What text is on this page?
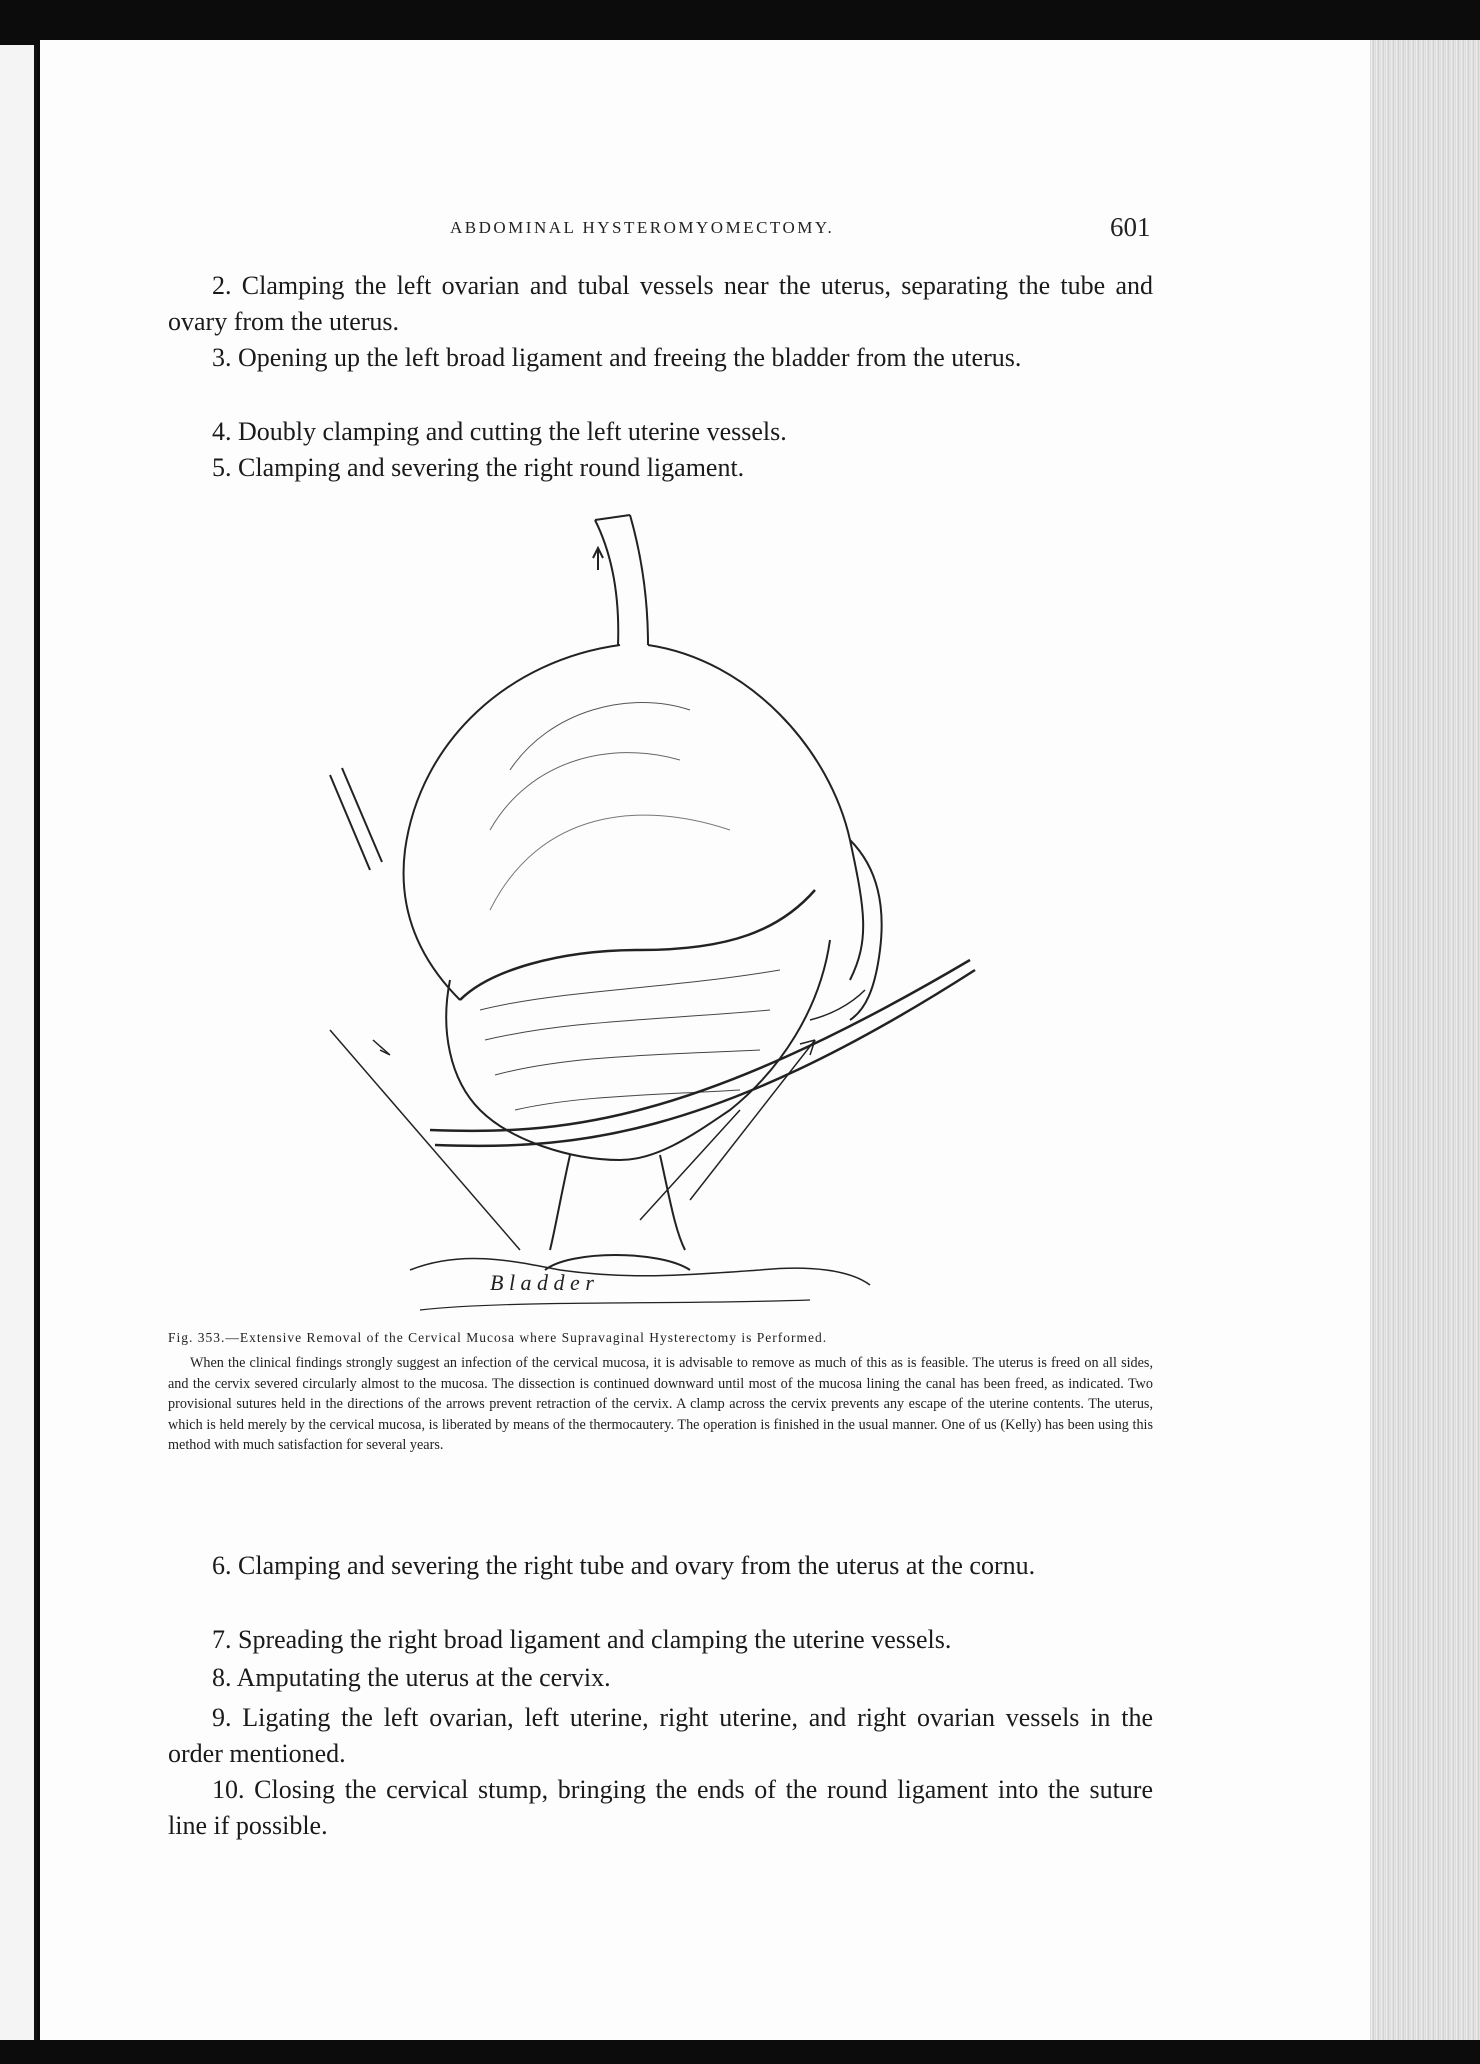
ABDOMINAL HYSTEROMYOMECTOMY.	601

2. Clamping the left ovarian and tubal vessels near the uterus, separating the tube and ovary from the uterus.

3. Opening up the left broad ligament and freeing the bladder from the uterus.

4. Doubly clamping and cutting the left uterine vessels.

5. Clamping and severing the right round ligament.

B l a d d e r
Fig. 353.—Extensive Removal of the Cervical Mucosa where Supravaginal Hysterectomy is Performed.

When the clinical findings strongly suggest an infection of the cervical mucosa, it is advisable to remove as much of this as is feasible. The uterus is freed on all sides, and the cervix severed circularly almost to the mucosa. The dissection is continued downward until most of the mucosa lining the canal has been freed, as indicated. Two provisional sutures held in the directions of the arrows prevent retraction of the cervix. A clamp across the cervix prevents any escape of the uterine contents. The uterus, which is held merely by the cervical mucosa, is liberated by means of the thermocautery. The operation is finished in the usual manner. One of us (Kelly) has been using this method with much satisfaction for several years.

6. Clamping and severing the right tube and ovary from the uterus at the cornu.

7. Spreading the right broad ligament and clamping the uterine vessels.

8. Amputating the uterus at the cervix.

9. Ligating the left ovarian, left uterine, right uterine, and right ovarian vessels in the order mentioned.

10. Closing the cervical stump, bringing the ends of the round ligament into the suture line if possible.
